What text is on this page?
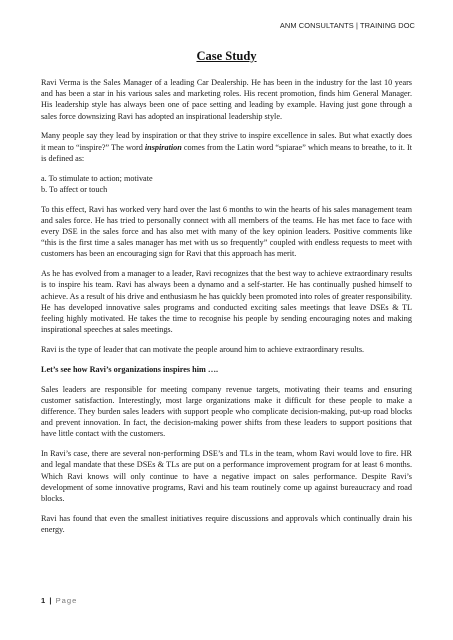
ANM CONSULTANTS | TRAINING DOC
Case Study

Ravi Verma is the Sales Manager of a leading Car Dealership. He has been in the industry for the last 10 years and has been a star in his various sales and marketing roles. His recent promotion, finds him General Manager. His leadership style has always been one of pace setting and leading by example. Having just gone through a sales force downsizing Ravi has adopted an inspirational leadership style.

Many people say they lead by inspiration or that they strive to inspire excellence in sales. But what exactly does it mean to “inspire?” The word inspiration comes from the Latin word “spiarae” which means to breathe, to it. It is defined as:

a. To stimulate to action; motivate
b. To affect or touch

To this effect, Ravi has worked very hard over the last 6 months to win the hearts of his sales management team and sales force. He has tried to personally connect with all members of the teams. He has met face to face with every DSE in the sales force and has also met with many of the key opinion leaders. Positive comments like “this is the first time a sales manager has met with us so frequently” coupled with endless requests to meet with customers has been an encouraging sign for Ravi that this approach has merit.

As he has evolved from a manager to a leader, Ravi recognizes that the best way to achieve extraordinary results is to inspire his team. Ravi has always been a dynamo and a self-starter. He has continually pushed himself to achieve. As a result of his drive and enthusiasm he has quickly been promoted into roles of greater responsibility. He has developed innovative sales programs and conducted exciting sales meetings that leave DSEs & TL feeling highly motivated. He takes the time to recognise his people by sending encouraging notes and making inspirational speeches at sales meetings.

Ravi is the type of leader that can motivate the people around him to achieve extraordinary results.

Let’s see how Ravi’s organizations inspires him ….

Sales leaders are responsible for meeting company revenue targets, motivating their teams and ensuring customer satisfaction. Interestingly, most large organizations make it difficult for these people to make a difference. They burden sales leaders with support people who complicate decision-making, put-up road blocks and prevent innovation. In fact, the decision-making power shifts from these leaders to support positions that have little contact with the customers.

In Ravi’s case, there are several non-performing DSE’s and TLs in the team, whom Ravi would love to fire. HR and legal mandate that these DSEs & TLs are put on a performance improvement program for at least 6 months. Which Ravi knows will only continue to have a negative impact on sales performance. Despite Ravi’s development of some innovative programs, Ravi and his team routinely come up against bureaucracy and road blocks.

Ravi has found that even the smallest initiatives require discussions and approvals which continually drain his energy.

1 | Page
